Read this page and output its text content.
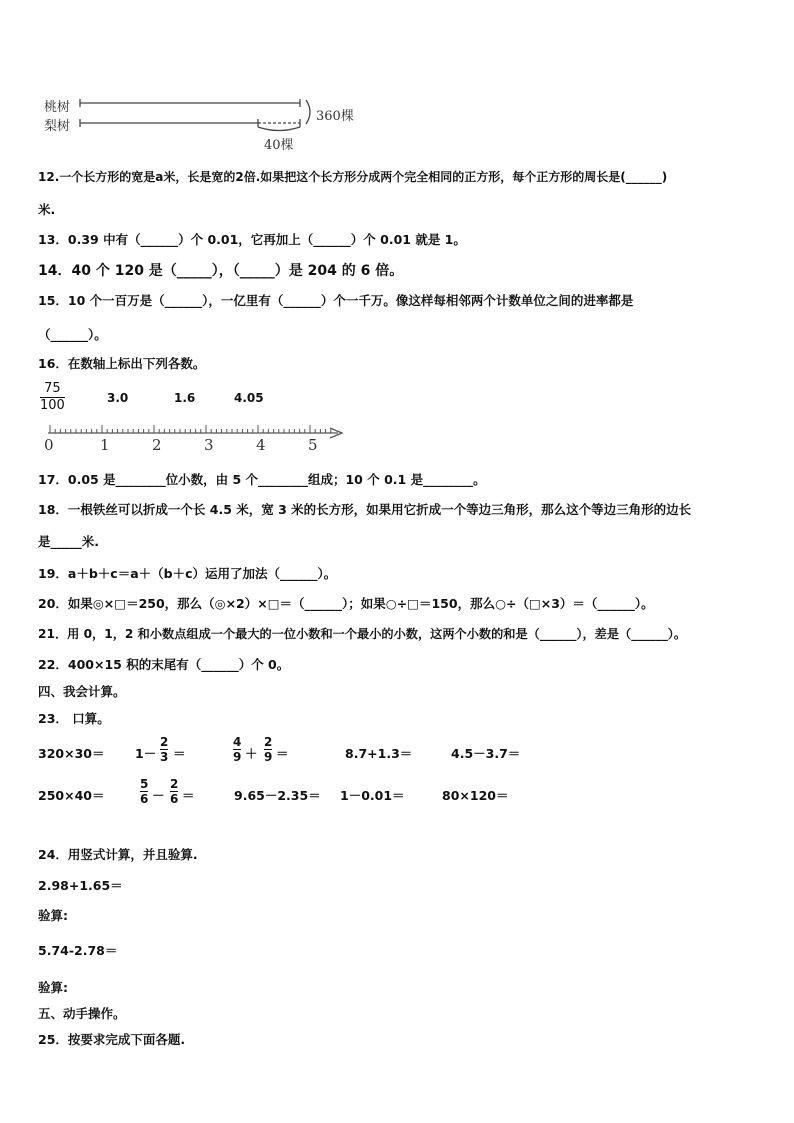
桃树
梨树
360棵
40棵
12.一个长方形的宽是a米，长是宽的2倍.如果把这个长方形分成两个完全相同的正方形，每个正方形的周长是(______)
米.
13．0.39 中有（______）个 0.01，它再加上（______）个 0.01 就是 1。
14．40 个 120 是（_____），（_____）是 204 的 6 倍。
15．10 个一百万是（______），一亿里有（______）个一千万。像这样每相邻两个计数单位之间的进率都是
（______）。
16．在数轴上标出下列各数。
75
100	3.0	1.6	4.05
0	1	2	3	4	5
17．0.05 是________位小数，由 5 个________组成；10 个 0.1 是________。
18．一根铁丝可以折成一个长 4.5 米，宽 3 米的长方形，如果用它折成一个等边三角形，那么这个等边三角形的边长
是_____米.
19．a＋b＋c＝a＋（b＋c）运用了加法（______）。
20．如果◎×□＝250，那么（◎×2）×□＝（______）；如果○÷□＝150，那么○÷（□×3）＝（______）。
21．用 0，1，2 和小数点组成一个最大的一位小数和一个最小的小数，这两个小数的和是（______），差是（______）。
22．400×15 积的末尾有（______）个 0。
四、我会计算。
23． 口算。
320×30＝ 1－
2
3 ＝
4
9 ＋
2
9 ＝	8.7+1.3＝	4.5－3.7＝
250×40＝
5
6 －
2
6 ＝	9.65－2.35＝ 1－0.01＝	80×120＝
24．用竖式计算，并且验算.
2.98+1.65＝
验算:
5.74-2.78＝
验算:
五、动手操作。
25．按要求完成下面各题.
